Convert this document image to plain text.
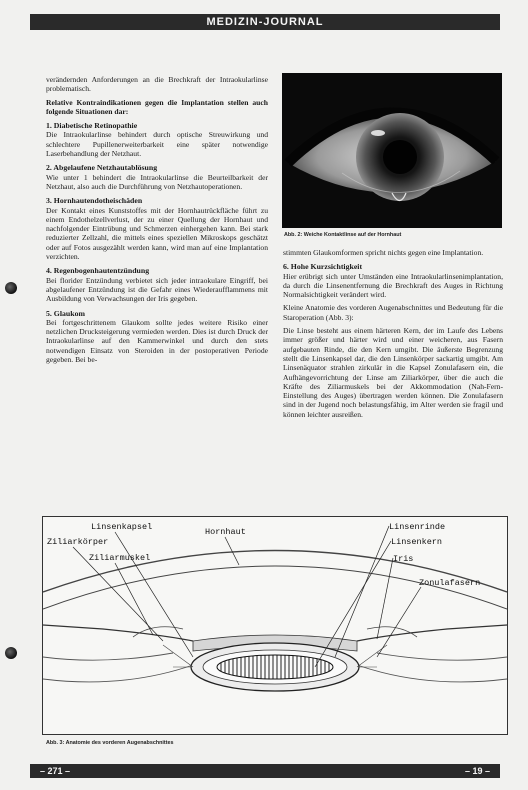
MEDIZIN-JOURNAL

verändernden Anforderungen an die Brechkraft der Intraokularlinse problematisch.

Relative Kontraindikationen gegen die Implantation stellen auch folgende Situationen dar:

1. Diabetische Retinopathie

Die Intraokularlinse behindert durch optische Streuwirkung und schlechtere Pupillenerweiterbarkeit eine später notwendige Laserbehandlung der Netzhaut.

2. Abgelaufene Netzhautablösung

Wie unter 1 behindert die Intraokularlinse die Beurteilbarkeit der Netzhaut, also auch die Durchführung von Netzhautoperationen.

3. Hornhautendotheischäden

Der Kontakt eines Kunststoffes mit der Hornhautrückfläche führt zu einem Endothelzellverlust, der zu einer Quellung der Hornhaut und nachfolgender Eintrübung und Schmerzen einhergehen kann. Bei stark reduzierter Zellzahl, die mittels eines speziellen Mikroskops geschätzt oder auf Fotos ausgezählt werden kann, wird man auf eine Implantation verzichten.

4. Regenbogenhautentzündung

Bei florider Entzündung verbietet sich jeder intraokulare Eingriff, bei abgelaufener Entzündung ist die Gefahr eines Wiederaufflammens mit Ausbildung von Verwachsungen der Iris gegeben.

5. Glaukom

Bei fortgeschrittenem Glaukom sollte jedes weitere Risiko einer netzlichen Drucksteigerung vermieden werden. Dies ist durch Druck der Intraokularlinse auf den Kammerwinkel und durch den stets notwendigen Einsatz von Steroiden in der postoperativen Periode gegeben. Bei be-

Abb. 2: Weiche Kontaktlinse auf der Hornhaut

stimmten Glaukomformen spricht nichts gegen eine Implantation.

6. Hohe Kurzsichtigkeit

Hier erübrigt sich unter Umständen eine Intraokularlinsenimplantation, da durch die Linsenentfernung die Brechkraft des Auges in Richtung Normalsichtigkeit verändert wird.

Kleine Anatomie des vorderen Augenabschnittes und Bedeutung für die Staroperation (Abb. 3):

Die Linse besteht aus einem härteren Kern, der im Laufe des Lebens immer größer und härter wird und einer weicheren, aus Fasern aufgebauten Rinde, die den Kern umgibt. Die äußerste Begrenzung stellt die Linsenkapsel dar, die den Linsenkörper sackartig umgibt. Am Linsenäquator strahlen zirkulär in die Kapsel Zonulafasern ein, die Aufhängevorrichtung der Linse am Ziliarkörper, über die auch die Kräfte des Ziliarmuskels bei der Akkommodation (Nah-Fern-Einstellung des Auges) übertragen werden können. Die Zonulafasern sind in der Jugend noch belastungsfähig, im Alter werden sie fragil und können leichter ausreißen.

Linsenkapsel
Ziliarkörper
Ziliarmuskel
Hornhaut	Linsenrinde
Linsenkern
Iris
Zonulafasern
Abb. 3: Anatomie des vorderen Augenabschnittes
– 271 –	– 19 –
